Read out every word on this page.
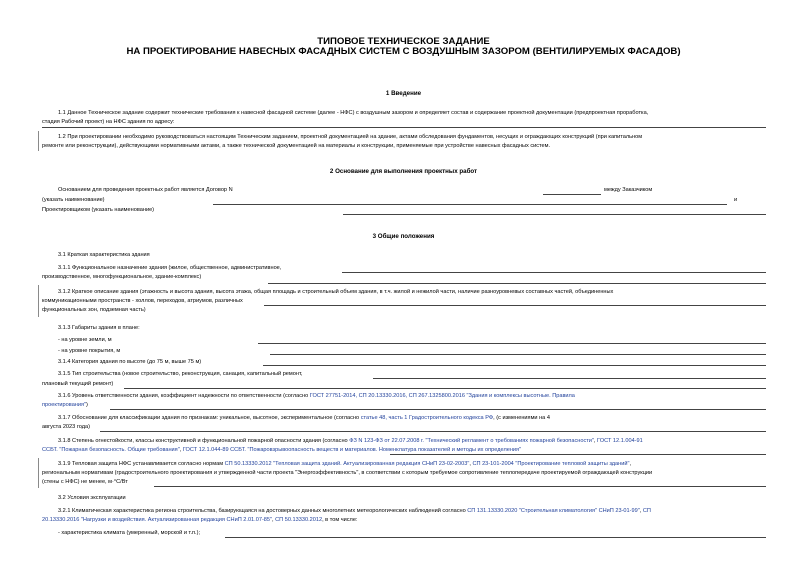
ТИПОВОЕ ТЕХНИЧЕСКОЕ ЗАДАНИЕ
НА ПРОЕКТИРОВАНИЕ НАВЕСНЫХ ФАСАДНЫХ СИСТЕМ С ВОЗДУШНЫМ ЗАЗОРОМ (ВЕНТИЛИРУЕМЫХ ФАСАДОВ)
1 Введение
1.1 Данное Техническое задание содержит технические требования к навесной фасадной системе (далее - НФС) с воздушным зазором и определяет состав и содержание проектной документации (предпроектная проработка,
стадия Рабочий проект) на НФС здания по адресу:
1.2 При проектировании необходимо руководствоваться настоящим Техническим заданием, проектной документацией на здание, актами обследования фундаментов, несущих и ограждающих конструкций (при капитальном
ремонте или реконструкции), действующими нормативными актами, а также технической документацией на материалы и конструкции, применяемые при устройстве навесных фасадных систем.
2 Основание для выполнения проектных работ
Основанием для проведения проектных работ является Договор N	между Заказчиком
(указать наименование)	и
Проектировщиком (указать наименование)
3 Общие положения
3.1 Краткая характеристика здания
3.1.1 Функциональное назначение здания (жилое, общественное, административное,
производственное, многофункциональное, здание-комплекс)
3.1.2 Краткое описание здания (этажность и высота здания, высота этажа, общая площадь и строительный объем здания, в т.ч. жилой и нежилой части, наличие разноуровневых составных частей, объединенных
коммуникационными пространств - холлов, переходов, атриумов, различных
функциональных зон, подземная часть)
3.1.3 Габариты здания в плане:
- на уровне земли, м
- на уровне покрытия, м
3.1.4 Категория здания по высоте (до 75 м, выше 75 м)
3.1.5 Тип строительства (новое строительство, реконструкция, санация, капитальный ремонт,
плановый текущий ремонт)
3.1.6 Уровень ответственности здания, коэффициент надежности по ответственности (согласно ГОСТ 27751-2014, СП 20.13330.2016, СП 267.1325800.2016 "Здания и комплексы высотные. Правила
проектирования")
3.1.7 Обоснование для классификации здания по признакам: уникальное, высотное, экспериментальное (согласно статье 48, часть 1 Градостроительного кодекса РФ, (с изменениями на 4
августа 2023 года)
3.1.8 Степень огнестойкости, классы конструктивной и функциональной пожарной опасности здания (согласно ФЗ N 123-ФЗ от 22.07.2008 г. "Технический регламент о требованиях пожарной безопасности", ГОСТ 12.1.004-91
ССБТ. "Пожарная безопасность. Общие требования", ГОСТ 12.1.044-89 ССБТ. "Пожаровзрывоопасность веществ и материалов. Номенклатура показателей и методы их определения"
3.1.9 Тепловая защита НФС устанавливается согласно нормам СП 50.13330.2012 "Тепловая защита зданий. Актуализированная редакция СНиП 23-02-2003", СП 23-101-2004 "Проектирование тепловой защиты зданий",
региональным нормативам (градостроительного проектирования и утвержденной части проекта "Энергоэффективность", в соответствии с которым требуемое сопротивление теплопередаче проектируемой ограждающей конструкции
(стены с НФС) не менее, м·°С/Вт
3.2 Условия эксплуатации
3.2.1 Климатическая характеристика региона строительства, базирующаяся на достоверных данных многолетних метеорологических наблюдений согласно СП 131.13330.2020 "Строительная климатология" СНиП 23-01-99", СП
20.13330.2016 "Нагрузки и воздействия. Актуализированная редакция СНиП 2.01.07-85", СП 50.13330.2012, в том числе:
- характеристика климата (умеренный, морской и т.п.);
